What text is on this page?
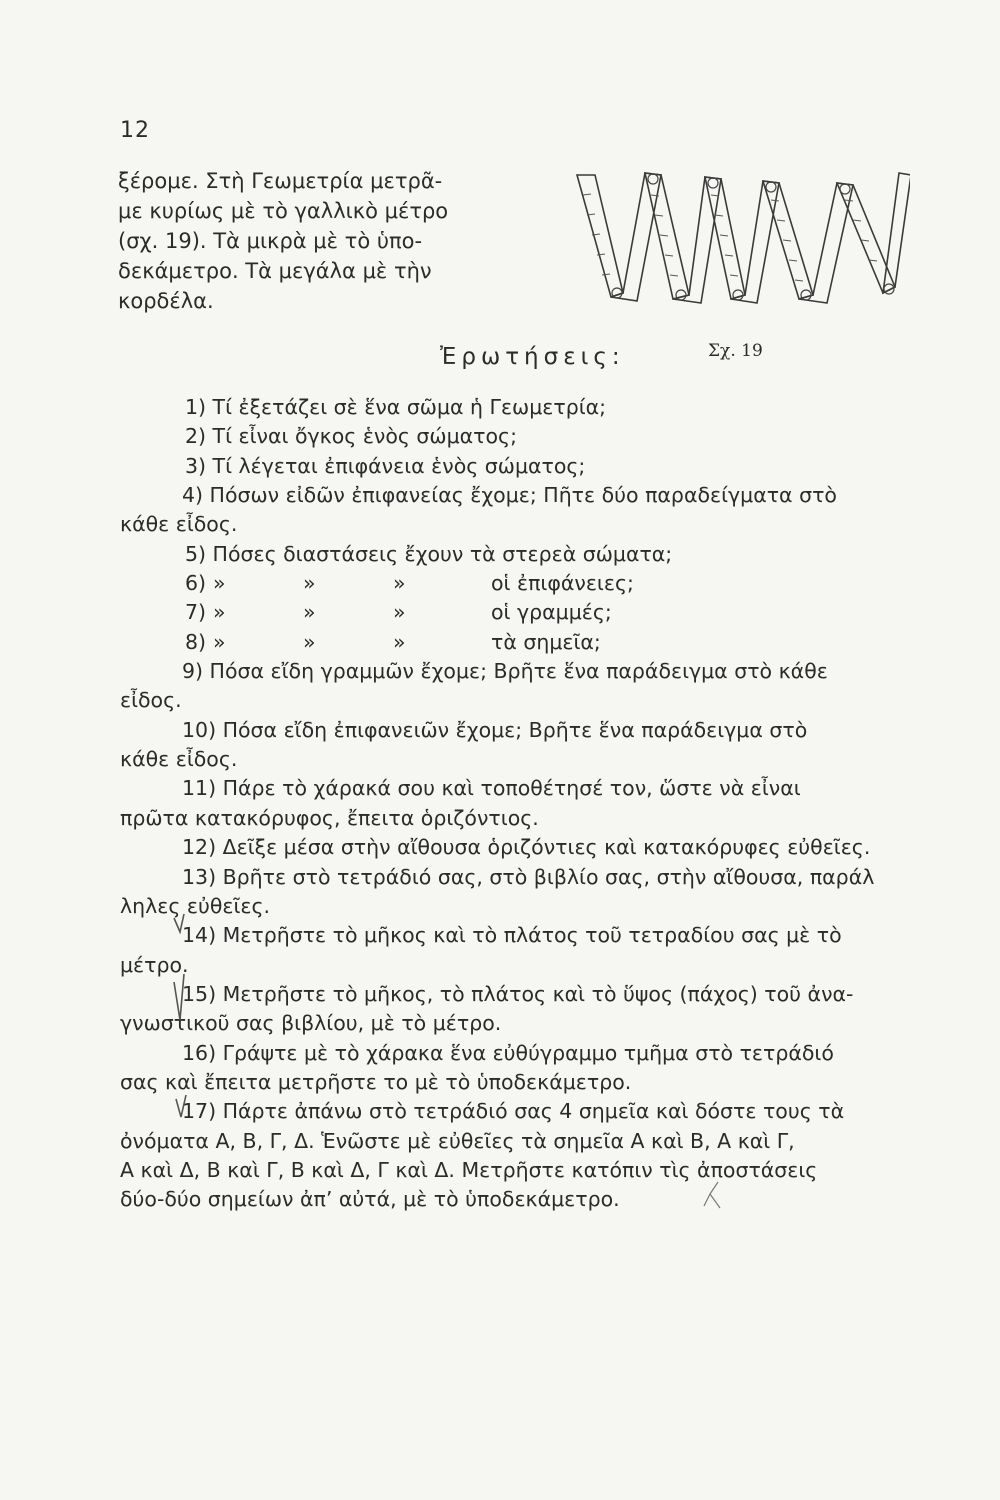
12
ξέρομε. Στὴ Γεωμετρία μετρᾶ-
με κυρίως μὲ τὸ γαλλικὸ μέτρο
(σχ. 19). Τὰ μικρὰ μὲ τὸ ὑπο-
δεκάμετρο. Τὰ μεγάλα μὲ τὴν
κορδέλα.
Ἐρωτήσεις:	Σχ. 19
1) Τί ἐξετάζει σὲ ἕνα σῶμα ἡ Γεωμετρία;
2) Τί εἶναι ὄγκος ἑνὸς σώματος;
3) Τί λέγεται ἐπιφάνεια ἑνὸς σώματος;
4) Πόσων εἰδῶν ἐπιφανείας ἔχομε; Πῆτε δύο παραδείγματα στὸ
κάθε εἶδος.
5) Πόσες διαστάσεις ἔχουν τὰ στερεὰ σώματα;
6) »	»	»	οἱ ἐπιφάνειες;
7) »	»	»	οἱ γραμμές;
8) »	»	»	τὰ σημεῖα;
9) Πόσα εἴδη γραμμῶν ἔχομε; Βρῆτε ἕνα παράδειγμα στὸ κάθε
εἶδος.
10) Πόσα εἴδη ἐπιφανειῶν ἔχομε; Βρῆτε ἕνα παράδειγμα στὸ
κάθε εἶδος.
11) Πάρε τὸ χάρακά σου καὶ τοποθέτησέ τον, ὥστε νὰ εἶναι
πρῶτα κατακόρυφος, ἔπειτα ὁριζόντιος.
12) Δεῖξε μέσα στὴν αἴθουσα ὁριζόντιες καὶ κατακόρυφες εὐθεῖες.
13) Βρῆτε στὸ τετράδιό σας, στὸ βιβλίο σας, στὴν αἴθουσα, παράλ
ληλες εὐθεῖες.
14) Μετρῆστε τὸ μῆκος καὶ τὸ πλάτος τοῦ τετραδίου σας μὲ τὸ
μέτρο.
15) Μετρῆστε τὸ μῆκος, τὸ πλάτος καὶ τὸ ὕψος (πάχος) τοῦ ἀνα-
γνωστικοῦ σας βιβλίου, μὲ τὸ μέτρο.
16) Γράψτε μὲ τὸ χάρακα ἕνα εὐθύγραμμο τμῆμα στὸ τετράδιό
σας καὶ ἔπειτα μετρῆστε το μὲ τὸ ὑποδεκάμετρο.
17) Πάρτε ἀπάνω στὸ τετράδιό σας 4 σημεῖα καὶ δόστε τους τὰ
ὀνόματα Α, Β, Γ, Δ. Ἑνῶστε μὲ εὐθεῖες τὰ σημεῖα Α καὶ Β, Α καὶ Γ,
Α καὶ Δ, Β καὶ Γ, Β καὶ Δ, Γ καὶ Δ. Μετρῆστε κατόπιν τὶς ἀποστάσεις
δύο-δύο σημείων ἀπ’ αὐτά, μὲ τὸ ὑποδεκάμετρο.
